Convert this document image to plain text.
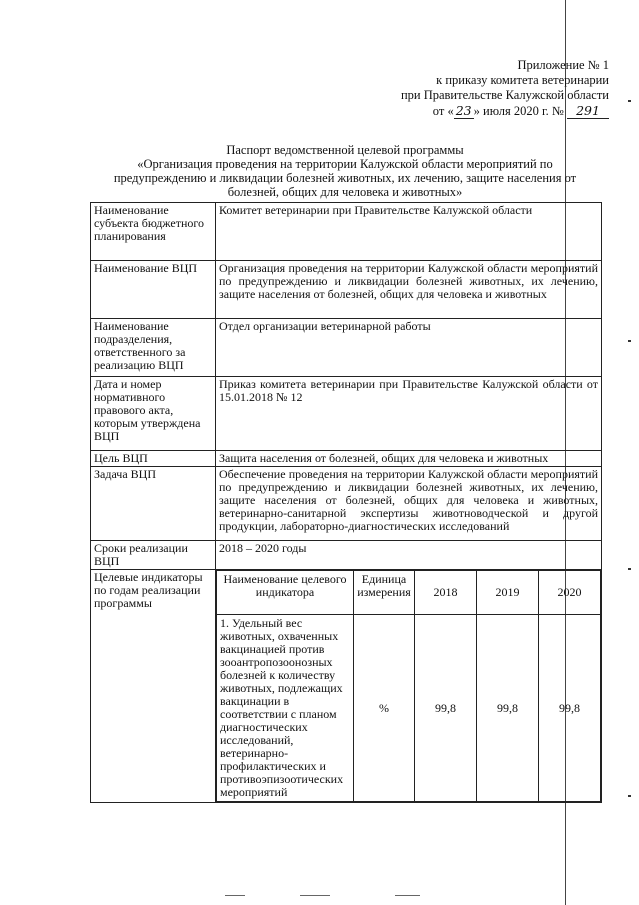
Приложение № 1
к приказу комитета ветеринарии
при Правительстве Калужской области
от « 23 » июля 2020 г. № 291
Паспорт ведомственной целевой программы
«Организация проведения на территории Калужской области мероприятий по предупреждению и ликвидации болезней животных, их лечению, защите населения от болезней, общих для человека и животных»
Наименование субъекта бюджетного планирования	Комитет ветеринарии при Правительстве Калужской области
Наименование ВЦП	Организация проведения на территории Калужской области мероприятий по предупреждению и ликвидации болезней животных, их лечению, защите населения от болезней, общих для человека и животных
Наименование подразделения, ответственного за реализацию ВЦП	Отдел организации ветеринарной работы
Дата и номер нормативного правового акта, которым утверждена ВЦП	Приказ комитета ветеринарии при Правительстве Калужской области от 15.01.2018 № 12
Цель ВЦП	Защита населения от болезней, общих для человека и животных
Задача ВЦП	Обеспечение проведения на территории Калужской области мероприятий по предупреждению и ликвидации болезней животных, их лечению, защите населения от болезней, общих для человека и животных, ветеринарно-санитарной экспертизы животноводческой и другой продукции, лабораторно-диагностических исследований
Сроки реализации ВЦП	2018 – 2020 годы
Целевые индикаторы по годам реализации программы	
Наименование целевого индикатора	Единица измерения	2018	2019	2020
1. Удельный вес животных, охваченных вакцинацией против зооантропозоонозных болезней к количеству животных, подлежащих вакцинации в соответствии с планом диагностических исследований, ветеринарно-профилактических и противоэпизоотических мероприятий	%	99,8	99,8	99,8
